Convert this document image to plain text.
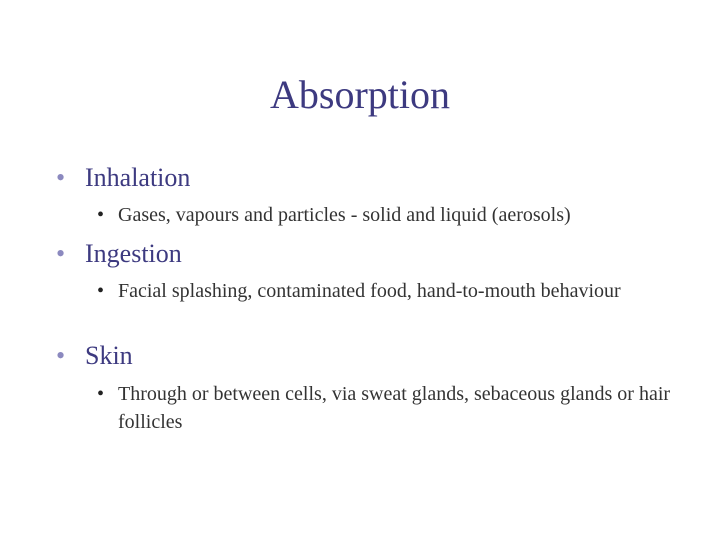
Absorption
• Inhalation
• Gases, vapours and particles - solid and liquid (aerosols)
• Ingestion
• Facial splashing, contaminated food, hand-to-mouth behaviour
• Skin
• Through or between cells, via sweat glands, sebaceous glands or hair follicles
